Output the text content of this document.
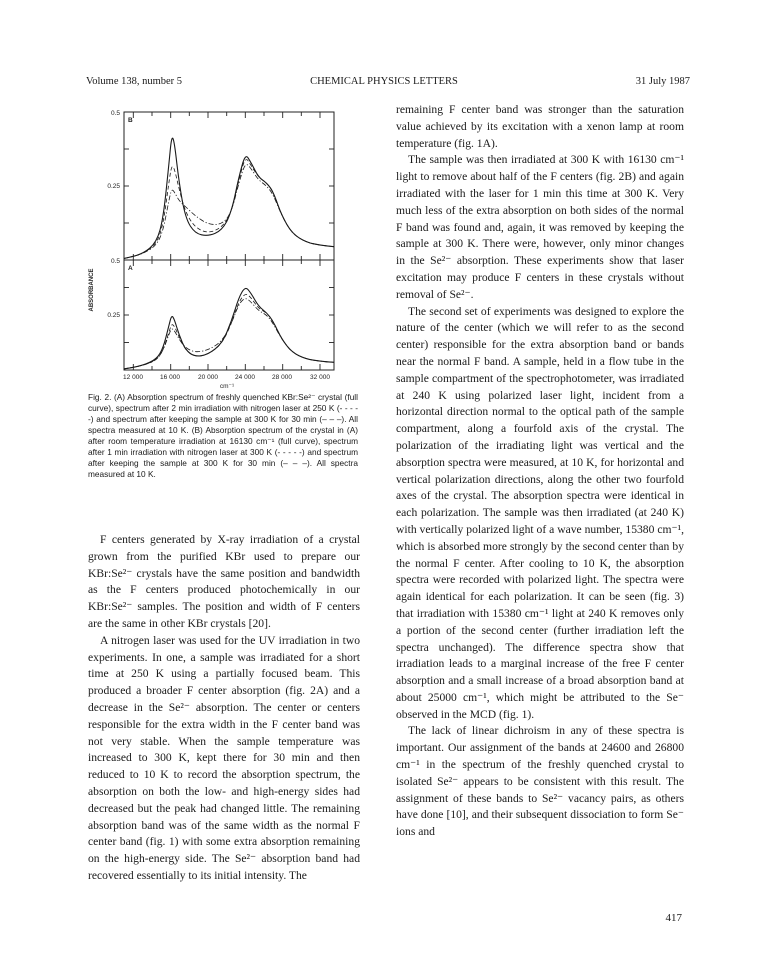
Volume 138, number 5	CHEMICAL PHYSICS LETTERS	31 July 1987
ABSORBANCE
B
0.5
0.25
A
0.5
0.25
12 000	16 000	20 000	24 000	28 000	32 000
cm⁻¹
Fig. 2. (A) Absorption spectrum of freshly quenched KBr:Se²⁻ crystal (full curve), spectrum after 2 min irradiation with nitrogen laser at 250 K (- - - - -) and spectrum after keeping the sample at 300 K for 30 min (– – –). All spectra measured at 10 K. (B) Absorption spectrum of the crystal in (A) after room temperature irradiation at 16130 cm⁻¹ (full curve), spectrum after 1 min irradiation with nitrogen laser at 300 K (- - - - -) and spectrum after keeping the sample at 300 K for 30 min (– – –). All spectra measured at 10 K.

F centers generated by X-ray irradiation of a crystal grown from the purified KBr used to prepare our KBr:Se²⁻ crystals have the same position and bandwidth as the F centers produced photochemically in our KBr:Se²⁻ samples. The position and width of F centers are the same in other KBr crystals [20].

A nitrogen laser was used for the UV irradiation in two experiments. In one, a sample was irradiated for a short time at 250 K using a partially focused beam. This produced a broader F center absorption (fig. 2A) and a decrease in the Se²⁻ absorption. The center or centers responsible for the extra width in the F center band was not very stable. When the sample temperature was increased to 300 K, kept there for 30 min and then reduced to 10 K to record the absorption spectrum, the absorption on both the low- and high-energy sides had decreased but the peak had changed little. The remaining absorption band was of the same width as the normal F center band (fig. 1) with some extra absorption remaining on the high-energy side. The Se²⁻ absorption band had recovered essentially to its initial intensity. The

remaining F center band was stronger than the saturation value achieved by its excitation with a xenon lamp at room temperature (fig. 1A).

The sample was then irradiated at 300 K with 16130 cm⁻¹ light to remove about half of the F centers (fig. 2B) and again irradiated with the laser for 1 min this time at 300 K. Very much less of the extra absorption on both sides of the normal F band was found and, again, it was removed by keeping the sample at 300 K. There were, however, only minor changes in the Se²⁻ absorption. These experiments show that laser excitation may produce F centers in these crystals without removal of Se²⁻.

The second set of experiments was designed to explore the nature of the center (which we will refer to as the second center) responsible for the extra absorption band or bands near the normal F band. A sample, held in a flow tube in the sample compartment of the spectrophotometer, was irradiated at 240 K using polarized laser light, incident from a horizontal direction normal to the optical path of the sample compartment, along a fourfold axis of the crystal. The polarization of the irradiating light was vertical and the absorption spectra were measured, at 10 K, for horizontal and vertical polarization directions, along the other two fourfold axes of the crystal. The absorption spectra were identical in each polarization. The sample was then irradiated (at 240 K) with vertically polarized light of a wave number, 15380 cm⁻¹, which is absorbed more strongly by the second center than by the normal F center. After cooling to 10 K, the absorption spectra were recorded with polarized light. The spectra were again identical for each polarization. It can be seen (fig. 3) that irradiation with 15380 cm⁻¹ light at 240 K removes only a portion of the second center (further irradiation left the spectra unchanged). The difference spectra show that irradiation leads to a marginal increase of the free F center absorption and a small increase of a broad absorption band at about 25000 cm⁻¹, which might be attributed to the Se⁻ observed in the MCD (fig. 1).

The lack of linear dichroism in any of these spectra is important. Our assignment of the bands at 24600 and 26800 cm⁻¹ in the spectrum of the freshly quenched crystal to isolated Se²⁻ appears to be consistent with this result. The assignment of these bands to Se²⁻ vacancy pairs, as others have done [10], and their subsequent dissociation to form Se⁻ ions and

417
